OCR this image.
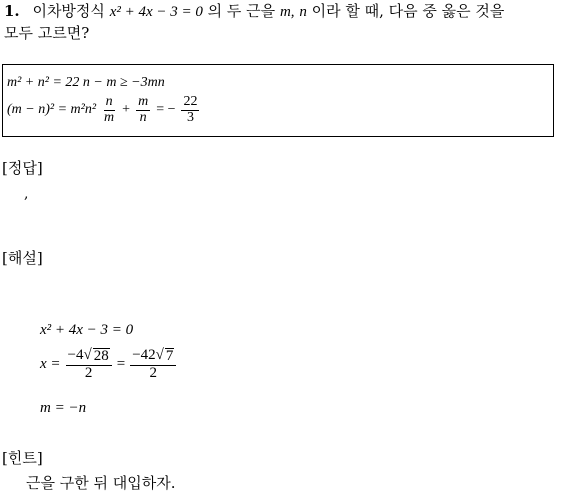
1. 이차방정식 x² + 4x − 3 = 0 의 두 근을 m, n 이라 할 때, 다음 중 옳은 것을
모두 고르면?
m² + n² = 22 n − m ≥ −3mn
$(m - n)^2 = m^2n^2 \frac{n}{m} + \frac{m}{n}$ = − $\frac{22}{3}$
[정답]
,
[해설]
x² + 4x − 3 = 0
$x = \frac{-4√ 28}{2} = \frac{-42√ 7}{2}$
m = −n
[힌트]
근을 구한 뒤 대입하자.
